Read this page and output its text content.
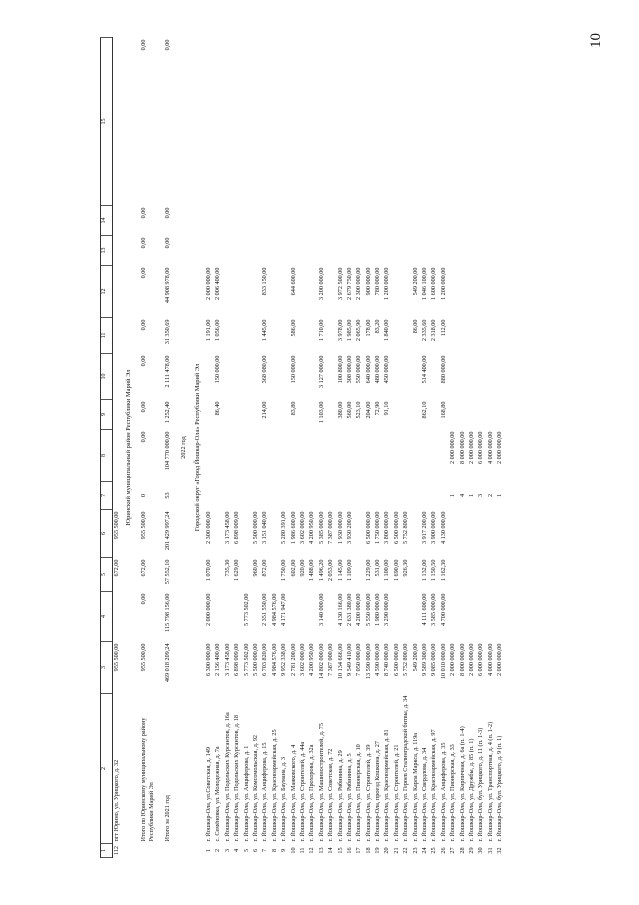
10
1	2	3	4	5	6	7	8	9	10	11	12	13	14	15
112	пгт Юрино, ул. Урицкого, д. 32	955 500,00		672,00	955 500,00									
Юринский муниципальный район Республики Марий Эл														
	Итого по Юринскому муниципальному району Республики Марий Эл	955 500,00	0,00	672,00	955 500,00	0	0,00	0,00	0,00	0,00	0,00	0,00	0,00	0,00
	Итого за 2021 год	469 018 209,24	115 798 156,00	57 552,10	201 429 997,24	53	104 770 000,00	1 252,40	2 111 478,00	31 350,69	44 908 978,00	0,00	0,00	0,00
2022 год														
Городской округ «Город Йошкар-Ола» Республики Марий Эл														
1	г. Йошкар-Ола, ул.Советская, д. 149	6 300 000,00	2 000 000,00	1 070,00	2 300 000,00					1 191,00	2 000 000,00			
2	с. Семёновка, ул. Молодежная, д. 7а	2 156 400,00						86,40	150 000,00	1 056,00	2 006 400,00			
3	г. Йошкар-Ола, ул. Подольских Курсантов, д. 16а	3 173 458,00		735,30	3 173 458,00									
4	г. Йошкар-Ола, ул. Подольских Курсантов, д. 18	6 898 009,00		1 629,00	6 898 009,00									
5	г. Йошкар-Ола, ул. Анциферова, д. 1	5 773 502,00	5 773 502,00											
6	г. Йошкар-Ола, ул. Комсомольская, д. 92	5 500 000,00		960,00	5 500 000,00									
7	г. Йошкар-Ола, ул. Анциферова, д. 15	6 703 820,00	2 351 550,00	872,00	3 151 040,00			214,00	368 080,00	1 445,00	833 150,00			
8	г. Йошкар-Ола, ул. Красноармейская, д. 25	4 984 576,00	4 984 576,00											
9	г. Йошкар-Ола, ул. Баумана, д. 3	9 952 338,00	4 171 947,00	1 750,00	5 280 391,00									
10	г. Йошкар-Ола, ул. Маяковского, д. 4	2 781 200,00		602,00	1 986 600,00			83,80	150 000,00	586,00	644 600,00			
11	г. Йошкар-Ола, ул. Строителей, д. 44а	3 602 000,00		920,00	3 602 000,00									
12	г. Йошкар-Ола, ул. Прохорова, д. 32а	4 200 950,00		1 488,00	4 200 950,00									
13	г. Йошкар-Ола, ул. Машиностроителей, д. 75	14 802 000,00	3 140 000,00	1 496,20	5 385 000,00			1 103,00	3 127 000,00	1 710,00	3 200 000,00			
14	г. Йошкар-Ола, ул. Советская, д. 72	7 387 000,00		2 053,00	7 387 000,00									
15	г. Йошкар-Ола, ул. Рябинина, д. 29	10 134 666,00	4 130 166,00	1 145,00	1 930 000,00			380,00	100 800,00	3 978,00	3 972 500,00			
16	г. Йошкар-Ола, ул. Рябинина, д. 5	9 549 410,00	2 631 380,00	1 109,00	3 930 200,00			560,00	308 000,00	1 985,00	2 679 750,00			
17	г. Йошкар-Ола, ул. Пионерская, д. 10	7 050 000,00	4 200 000,00					523,10	550 000,00	2 065,90	2 300 000,00			
18	г. Йошкар-Ола, ул. Строителей, д. 39	13 590 000,00	5 550 000,00	1 229,00	6 500 000,00			204,00	640 000,00	178,00	900 000,00			
19	г. Йошкар-Ола, проезд Кошкина, д. 27	4 590 000,00	1 980 000,00	531,00	1 750 000,00			72,90	480 000,00	83,20	780 000,00			
20	г. Йошкар-Ола, ул. Красноармейская, д. 81	8 740 000,00	3 290 000,00	1 100,00	3 800 000,00			91,10	450 000,00	1 840,00	1 200 000,00			
21	г. Йошкар-Ола, ул. Строителей, д. 21	6 500 000,00		1 690,00	6 500 000,00									
22	г. Йошкар-Ола, ул. Героев Сталинградской битвы, д. 34	5 752 800,00		926,30	5 752 800,00									
23	г. Йошкар-Ола, ул. Карла Маркса, д. 119а	549 200,00								86,00	549 200,00			
24	г. Йошкар-Ола, ул. Свердлова, д. 34	9 589 300,00	4 111 600,00	1 132,00	3 917 200,00			862,10	514 400,00	2 335,60	1 046 100,00			
25	г. Йошкар-Ола, ул. Красноармейская, д. 97	9 085 000,00	3 585 000,00	1 150,50	3 900 000,00					2 318,00	1 600 000,00			
26	г. Йошкар-Ола, ул. Анциферова, д. 35	10 010 000,00	4 700 000,00	1 162,30	4 130 000,00			168,80	880 000,00	112,00	1 200 000,00			
27	г. Йошкар-Ола, ул. Пионерская, д. 33	2 000 000,00				1	2 000 000,00							
28	г. Йошкар-Ола, ул. Кирпичная, д. 6а (п. 1-4)	8 000 000,00				4	8 000 000,00							
29	г. Йошкар-Ола, ул. Дружбы, д. 85 (п. 1)	2 000 000,00				1	2 000 000,00							
30	г. Йошкар-Ола, бул. Урицкого, д. 11 (п. 1-3)	6 000 000,00				3	6 000 000,00							
31	г. Йошкар-Ола, ул. Транспортная, д. 4 (п. 1-2)	4 000 000,00				2	4 000 000,00							
32	г. Йошкар-Ола, бул. Урицкого, д. 9 (п. 1)	2 000 000,00				1	2 000 000,00							
